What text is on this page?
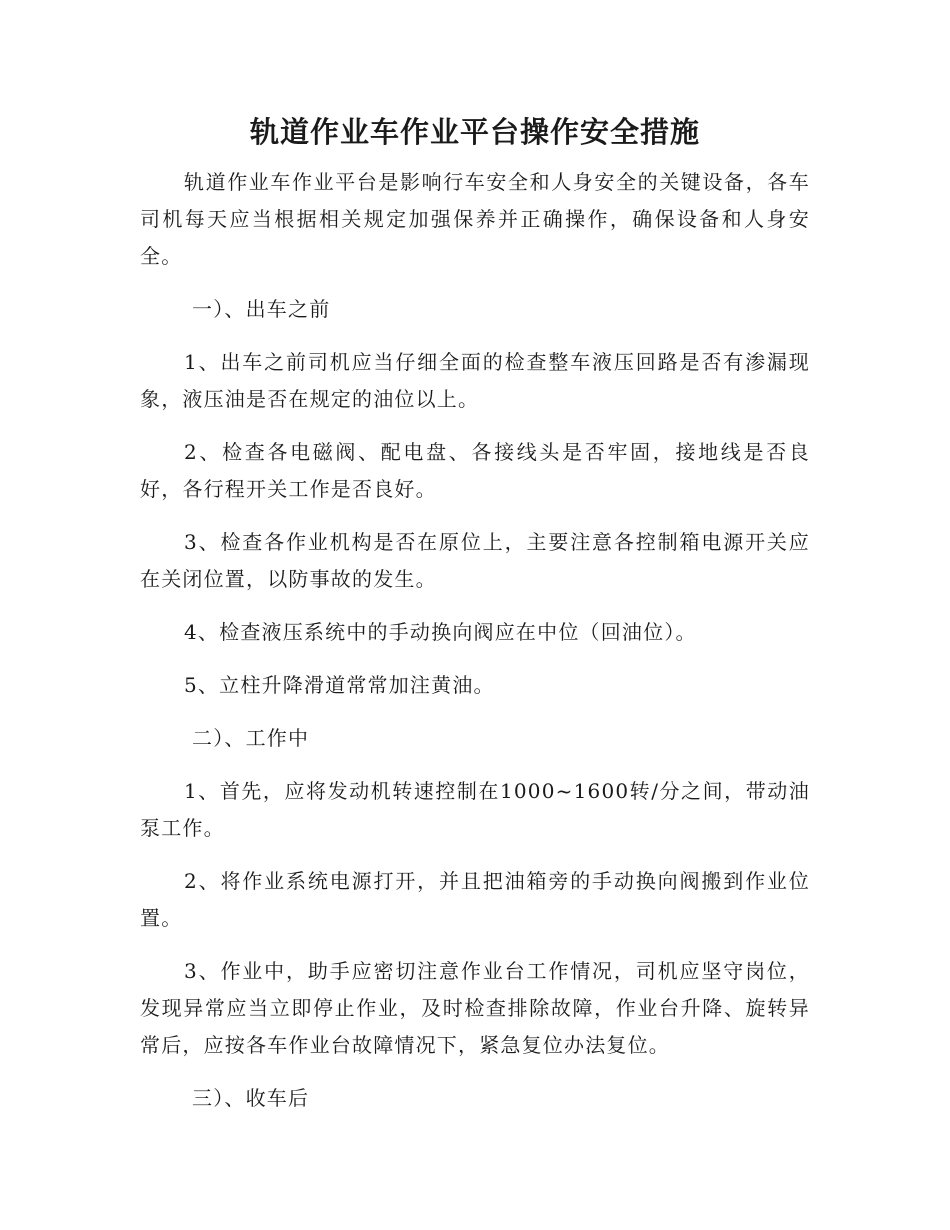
轨道作业车作业平台操作安全措施

轨道作业车作业平台是影响行车安全和人身安全的关键设备，各车司机每天应当根据相关规定加强保养并正确操作，确保设备和人身安全。

一）、出车之前

1、出车之前司机应当仔细全面的检查整车液压回路是否有渗漏现象，液压油是否在规定的油位以上。

2、检查各电磁阀、配电盘、各接线头是否牢固，接地线是否良好，各行程开关工作是否良好。

3、检查各作业机构是否在原位上，主要注意各控制箱电源开关应在关闭位置，以防事故的发生。

4、检查液压系统中的手动换向阀应在中位（回油位）。

5、立柱升降滑道常常加注黄油。

二）、工作中

1、首先，应将发动机转速控制在1000~1600转/分之间，带动油泵工作。

2、将作业系统电源打开，并且把油箱旁的手动换向阀搬到作业位置。

3、作业中，助手应密切注意作业台工作情况，司机应坚守岗位，发现异常应当立即停止作业，及时检查排除故障，作业台升降、旋转异常后，应按各车作业台故障情况下，紧急复位办法复位。

三）、收车后
